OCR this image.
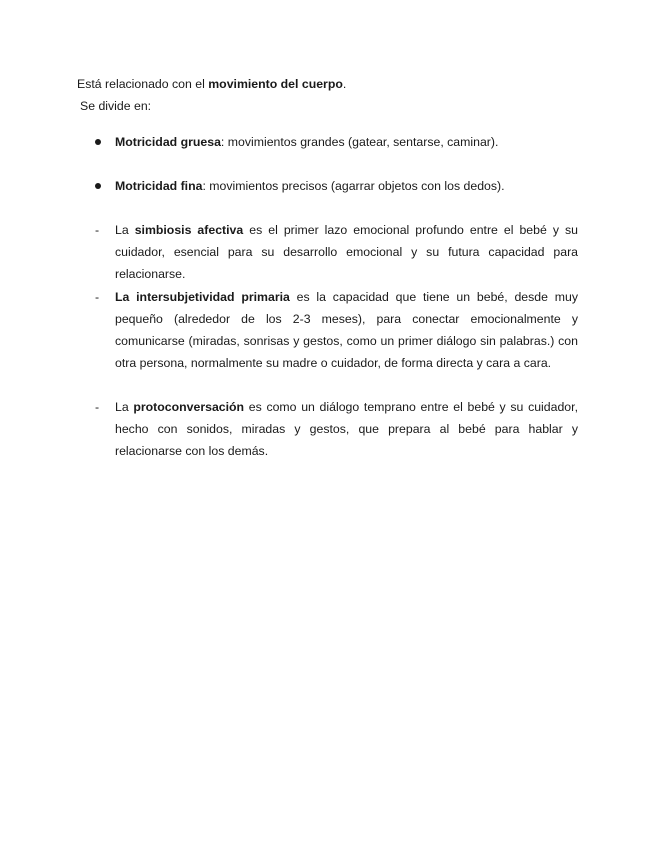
Está relacionado con el movimiento del cuerpo.
Se divide en:
Motricidad gruesa: movimientos grandes (gatear, sentarse, caminar).
Motricidad fina: movimientos precisos (agarrar objetos con los dedos).
- La simbiosis afectiva es el primer lazo emocional profundo entre el bebé y su cuidador, esencial para su desarrollo emocional y su futura capacidad para relacionarse.
- La intersubjetividad primaria es la capacidad que tiene un bebé, desde muy pequeño (alrededor de los 2-3 meses), para conectar emocionalmente y comunicarse (miradas, sonrisas y gestos, como un primer diálogo sin palabras.) con otra persona, normalmente su madre o cuidador, de forma directa y cara a cara.
- La protoconversación es como un diálogo temprano entre el bebé y su cuidador, hecho con sonidos, miradas y gestos, que prepara al bebé para hablar y relacionarse con los demás.
